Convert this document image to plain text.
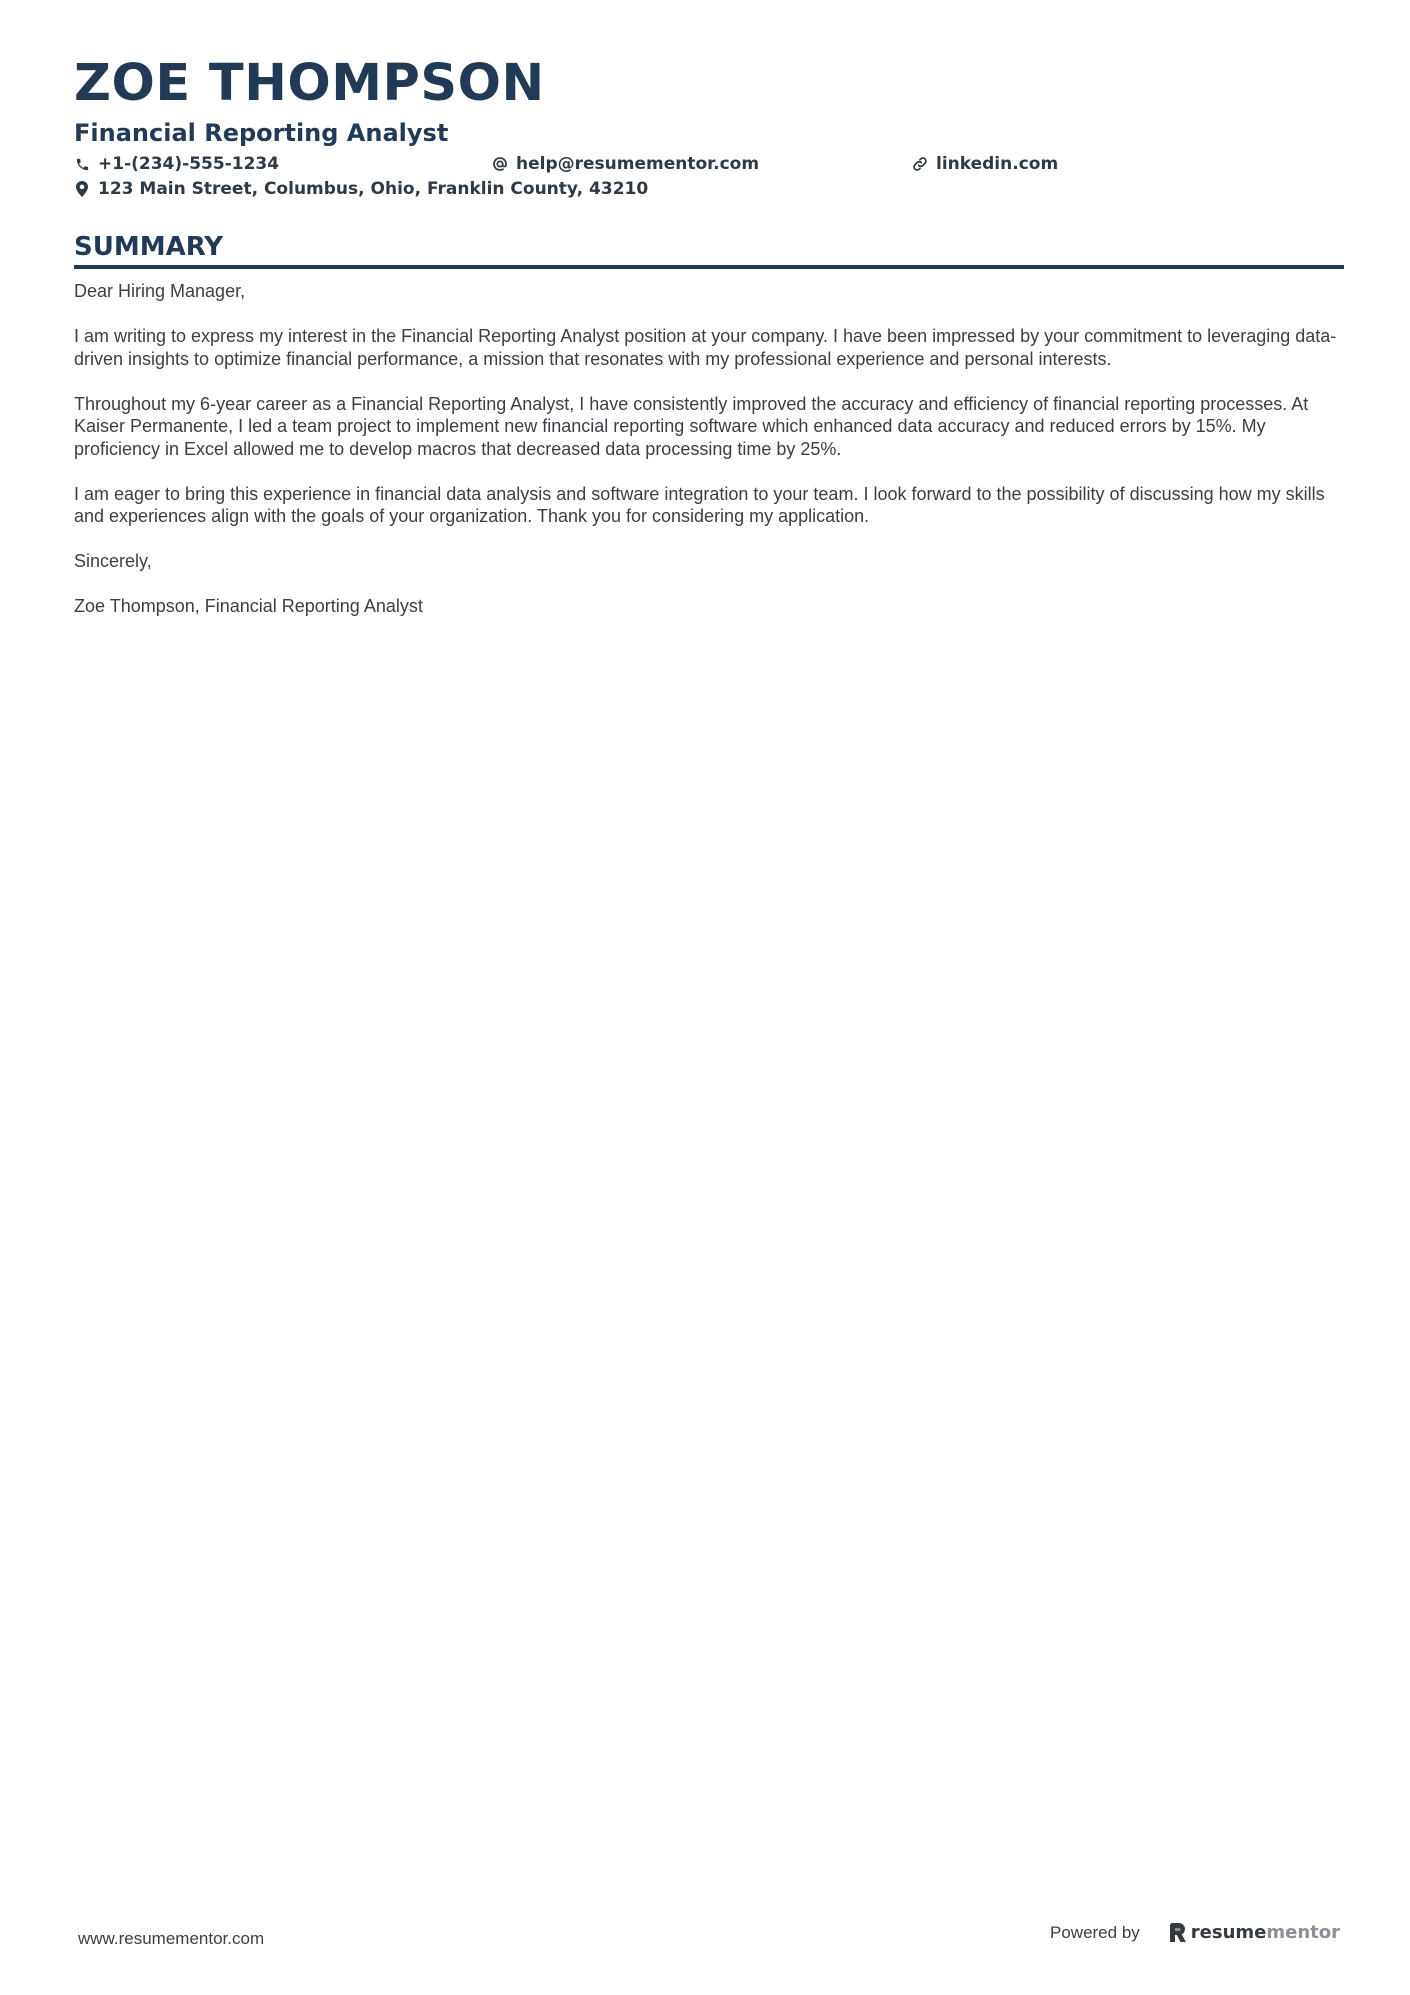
ZOE THOMPSON
Financial Reporting Analyst
+1-(234)-555-1234	help@resumementor.com	linkedin.com
123 Main Street, Columbus, Ohio, Franklin County, 43210
SUMMARY

Dear Hiring Manager,

I am writing to express my interest in the Financial Reporting Analyst position at your company. I have been impressed by your commitment to leveraging data-driven insights to optimize financial performance, a mission that resonates with my professional experience and personal interests.

Throughout my 6-year career as a Financial Reporting Analyst, I have consistently improved the accuracy and efficiency of financial reporting processes. At Kaiser Permanente, I led a team project to implement new financial reporting software which enhanced data accuracy and reduced errors by 15%. My proficiency in Excel allowed me to develop macros that decreased data processing time by 25%.

I am eager to bring this experience in financial data analysis and software integration to your team. I look forward to the possibility of discussing how my skills and experiences align with the goals of your organization. Thank you for considering my application.

Sincerely,

Zoe Thompson, Financial Reporting Analyst

www.resumementor.com	Powered by	resumementor
